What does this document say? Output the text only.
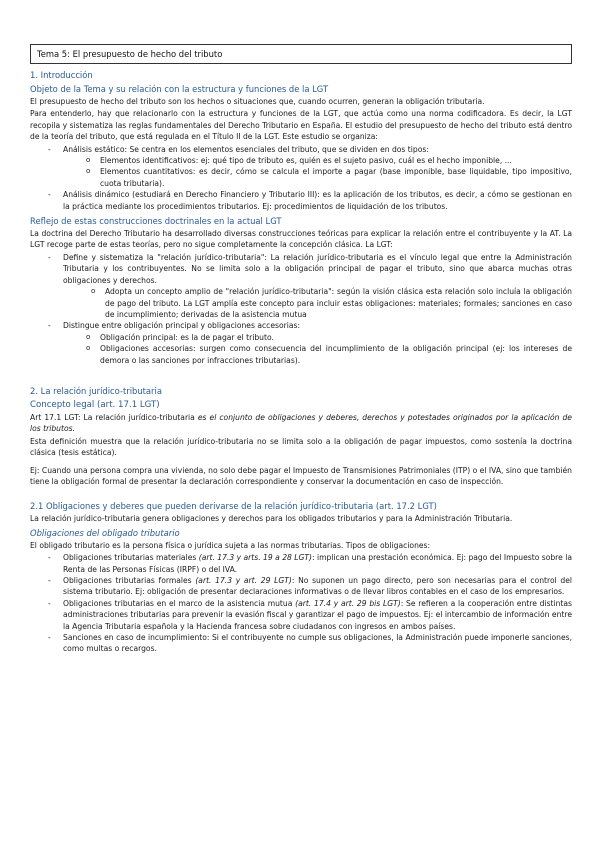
Tema 5: El presupuesto de hecho del tributo
1. Introducción
Objeto de la Tema y su relación con la estructura y funciones de la LGT

El presupuesto de hecho del tributo son los hechos o situaciones que, cuando ocurren, generan la obligación tributaria.

Para entenderlo, hay que relacionarlo con la estructura y funciones de la LGT, que actúa como una norma codificadora. Es decir, la LGT recopila y sistematiza las reglas fundamentales del Derecho Tributario en España. El estudio del presupuesto de hecho del tributo está dentro de la teoría del tributo, que está regulada en el Título II de la LGT. Este estudio se organiza:

- Análisis estático: Se centra en los elementos esenciales del tributo, que se dividen en dos tipos:
o Elementos identificativos: ej: qué tipo de tributo es, quién es el sujeto pasivo, cuál es el hecho imponible, ...
o Elementos cuantitativos: es decir, cómo se calcula el importe a pagar (base imponible, base liquidable, tipo impositivo, cuota tributaria).
- Análisis dinámico (estudiará en Derecho Financiero y Tributario III): es la aplicación de los tributos, es decir, a cómo se gestionan en la práctica mediante los procedimientos tributarios. Ej: procedimientos de liquidación de los tributos.
Reflejo de estas construcciones doctrinales en la actual LGT

La doctrina del Derecho Tributario ha desarrollado diversas construcciones teóricas para explicar la relación entre el contribuyente y la AT. La LGT recoge parte de estas teorías, pero no sigue completamente la concepción clásica. La LGT:

- Define y sistematiza la "relación jurídico-tributaria": La relación jurídico-tributaria es el vínculo legal que entre la Administración Tributaria y los contribuyentes. No se limita solo a la obligación principal de pagar el tributo, sino que abarca muchas otras obligaciones y derechos.
o Adopta un concepto amplio de "relación jurídico-tributaria": según la visión clásica esta relación solo incluía la obligación de pago del tributo. La LGT amplía este concepto para incluir estas obligaciones: materiales; formales; sanciones en caso de incumplimiento; derivadas de la asistencia mutua
- Distingue entre obligación principal y obligaciones accesorias:
o Obligación principal: es la de pagar el tributo.
o Obligaciones accesorias: surgen como consecuencia del incumplimiento de la obligación principal (ej: los intereses de demora o las sanciones por infracciones tributarias).
2. La relación jurídico-tributaria
Concepto legal (art. 17.1 LGT)

Art 17.1 LGT: La relación jurídico-tributaria es el conjunto de obligaciones y deberes, derechos y potestades originados por la aplicación de los tributos.

Esta definición muestra que la relación jurídico-tributaria no se limita solo a la obligación de pagar impuestos, como sostenía la doctrina clásica (tesis estática).

Ej: Cuando una persona compra una vivienda, no solo debe pagar el Impuesto de Transmisiones Patrimoniales (ITP) o el IVA, sino que también tiene la obligación formal de presentar la declaración correspondiente y conservar la documentación en caso de inspección.

2.1 Obligaciones y deberes que pueden derivarse de la relación jurídico-tributaria (art. 17.2 LGT)

La relación jurídico-tributaria genera obligaciones y derechos para los obligados tributarios y para la Administración Tributaria.

Obligaciones del obligado tributario

El obligado tributario es la persona física o jurídica sujeta a las normas tributarias. Tipos de obligaciones:

- Obligaciones tributarias materiales (art. 17.3 y arts. 19 a 28 LGT): implican una prestación económica. Ej: pago del Impuesto sobre la Renta de las Personas Físicas (IRPF) o del IVA.
- Obligaciones tributarias formales (art. 17.3 y art. 29 LGT): No suponen un pago directo, pero son necesarias para el control del sistema tributario. Ej: obligación de presentar declaraciones informativas o de llevar libros contables en el caso de los empresarios.
- Obligaciones tributarias en el marco de la asistencia mutua (art. 17.4 y art. 29 bis LGT): Se refieren a la cooperación entre distintas administraciones tributarias para prevenir la evasión fiscal y garantizar el pago de impuestos. Ej: el intercambio de información entre la Agencia Tributaria española y la Hacienda francesa sobre ciudadanos con ingresos en ambos países.
- Sanciones en caso de incumplimiento: Si el contribuyente no cumple sus obligaciones, la Administración puede imponerle sanciones, como multas o recargos.
